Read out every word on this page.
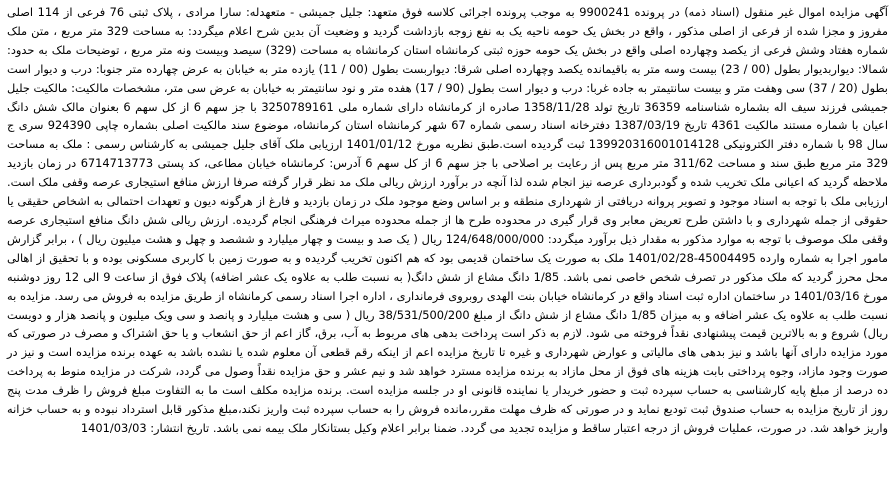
آگهی مزایده اموال غیر منقول (اسناد ذمه) در پرونده 9900241 به موجب پرونده اجرائی کلاسه فوق متعهد: جلیل جمیشی - متعهدله: سارا مرادی ، پلاک ثبتی 76 فرعی از 114 اصلی مفروز و مجزا شده از فرعی از اصلی مذکور ، واقع در بخش یک حومه ناحیه یک به نفع زوجه بازداشت گردید و وضعیت آن بدین شرح اعلام میگردد: به مساحت 329 متر مربع ، متن ملک شماره هفتاد وشش فرعی از یکصد وچهارده اصلی واقع در بخش یک حومه حوزه ثبتی کرمانشاه استان کرمانشاه به مساحت (329) سیصد وبیست ونه متر مربع ، توضیحات ملک به حدود: شمالا: دیواربدیوار بطول (00 / 23) بیست وسه متر به باقیمانده یکصد وچهارده اصلی شرقا: دیواربست بطول (00 / 11) یازده متر به خیابان به عرض چهارده متر جنوبا: درب و دیوار است بطول (20 / 37) سی وهفت متر و بیست سانتیمتر به جاده غربا: درب و دیوار است بطول (90 / 17) هفده متر و نود سانتیمتر به خیابان به عرض سی متر، مشخصات مالکیت: مالکیت جلیل جمیشی فرزند سیف اله بشماره شناسنامه 36359 تاریخ تولد 1358/11/28 صادره از کرمانشاه دارای شماره ملی 3250789161 با جز سهم 6 از کل سهم 6 بعنوان مالک شش دانگ اعیان با شماره مستند مالکیت 4361 تاریخ 1387/03/19 دفترخانه اسناد رسمی شماره 67 شهر کرمانشاه استان کرمانشاه، موضوع سند مالکیت اصلی بشماره چاپی 924390 سری ج سال 98 با شماره دفتر الکترونیکی 139920316001014128 ثبت گردیده است.طبق نظریه مورخ 1401/01/12 ارزیابی ملک آقای جلیل جمیشی به کارشناس رسمی : ملک به مساحت 329 متر مربع طبق سند و مساحت 311/62 متر مربع پس از رعایت بر اصلاحی با جز سهم 6 از کل سهم 6 آدرس: کرمانشاه خیابان مطاعی، کد پستی 6714713773 در زمان بازدید ملاحظه گردید که اعیانی ملک تخریب شده و گودبرداری عرصه نیز انجام شده لذا آنچه در برآورد ارزش ریالی ملک مد نظر قرار گرفته صرفا ارزش منافع استیجاری عرصه وقفی ملک است. ارزیابی ملک با توجه به اسناد موجود و تصویر پروانه دریافتی از شهرداری منطقه و بر اساس وضع موجود ملک در زمان بازدید و فارغ از هرگونه دیون و تعهدات احتمالی به اشخاص حقیقی یا حقوقی از جمله شهرداری و با داشتن طرح تعریض معابر وی قرار گیری در محدوده طرح ها از جمله محدوده میراث فرهنگی انجام گردیده. ارزش ریالی شش دانگ منافع استیجاری عرصه وقفی ملک موصوف با توجه به موارد مذکور به مقدار ذیل برآورد میگردد: 124/648/000/000 ریال ( یک صد و بیست و چهار میلیارد و ششصد و چهل و هشت میلیون ریال ) ، برابر گزارش مامور اجرا به شماره وارده 45004495-1401/02/28 ملک به صورت یک ساختمان قدیمی بود که هم اکنون تخریب گردیده و به صورت زمین با کاربری مسکونی بوده و با تحقیق از اهالی محل محرز گردید که ملک مذکور در تصرف شخص خاصی نمی باشد. 1/85 دانگ مشاع از شش دانگ( به نسبت طلب به علاوه یک عشر اضافه) پلاک فوق از ساعت 9 الی 12 روز دوشنبه مورخ 1401/03/16 در ساختمان اداره ثبت اسناد واقع در کرمانشاه خیابان بنت الهدی روبروی فرمانداری ، اداره اجرا اسناد رسمی کرمانشاه از طریق مزایده به فروش می رسد. مزایده به نسبت طلب به علاوه یک عشر اضافه و به میزان 1/85 دانگ مشاع از شش دانگ از مبلغ 38/531/500/200 ریال ( سی و هشت میلیارد و پانصد و سی ویک میلیون و پانصد هزار و دویست ریال) شروع و به بالاترین قیمت پیشنهادی نقداً فروخته می شود. لازم به ذکر است پرداخت بدهی های مربوط به آب، برق، گاز اعم از حق انشعاب و یا حق اشتراک و مصرف در صورتی که مورد مزایده دارای آنها باشد و نیز بدهی های مالیاتی و عوارض شهرداری و غیره تا تاریخ مزایده اعم از اینکه رقم قطعی آن معلوم شده یا نشده باشد به عهده برنده مزایده است و نیز در صورت وجود مازاد، وجوه پرداختی بابت هزینه های فوق از محل مازاد به برنده مزایده مسترد خواهد شد و نیم عشر و حق مزایده نقداً وصول می گردد، شرکت در مزایده منوط به پرداخت ده درصد از مبلغ پایه کارشناسی به حساب سپرده ثبت و حضور خریدار یا نماینده قانونی او در جلسه مزایده است. برنده مزایده مکلف است ما به التفاوت مبلغ فروش را ظرف مدت پنج روز از تاریخ مزایده به حساب صندوق ثبت تودیع نماید و در صورتی که ظرف مهلت مقرر،مانده فروش را به حساب سپرده ثبت واریز نکند،مبلغ مذکور قابل استرداد نبوده و به حساب خزانه واریز خواهد شد. در صورت، عملیات فروش از درجه اعتبار ساقط و مزایده تجدید می گردد. ضمنا برابر اعلام وکیل بستانکار ملک بیمه نمی باشد. تاریخ انتشار: 1401/03/03
